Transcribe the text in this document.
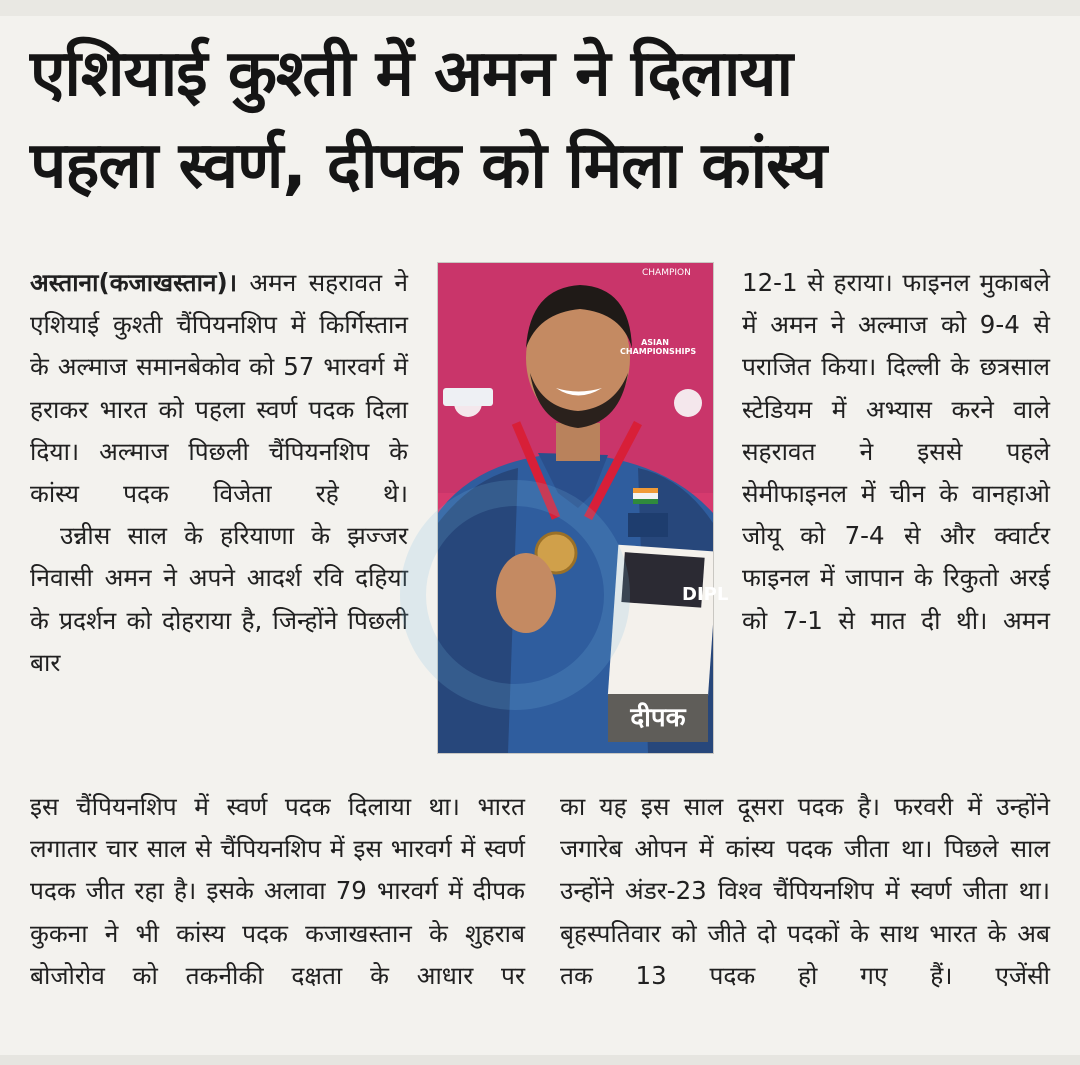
एशियाई कुश्ती में अमन ने दिलाया
पहला स्वर्ण, दीपक को मिला कांस्य

अस्ताना(कजाखस्तान)। अमन सहरावत ने एशियाई कुश्ती चैंपियनशिप में किर्गिस्तान के अल्माज समानबेकोव को 57 भारवर्ग में हराकर भारत को पहला स्वर्ण पदक दिला दिया। अल्माज पिछली चैंपियनशिप के कांस्य पदक विजेता रहे थे।

उन्नीस साल के हरियाणा के झज्जर निवासी अमन ने अपने आदर्श रवि दहिया के प्रदर्शन को दोहराया है, जिन्होंने पिछली बार

CHAMPION
ASIAN CHAMPIONSHIPS
DIPL
दीपक
12-1 से हराया। फाइनल मुकाबले में अमन ने अल्माज को 9-4 से पराजित किया। दिल्ली के छत्रसाल स्टेडियम में अभ्यास करने वाले सहरावत ने इससे पहले सेमीफाइनल में चीन के वानहाओ जोयू को 7-4 से और क्वार्टर फाइनल में जापान के रिकुतो अरई को 7-1 से मात दी थी। अमन
इस चैंपियनशिप में स्वर्ण पदक दिलाया था। भारत लगातार चार साल से चैंपियनशिप में इस भारवर्ग में स्वर्ण पदक जीत रहा है। इसके अलावा 79 भारवर्ग में दीपक कुकना ने भी कांस्य पदक कजाखस्तान के शुहराब बोजोरोव को तकनीकी दक्षता के आधार पर
का यह इस साल दूसरा पदक है। फरवरी में उन्होंने जगारेब ओपन में कांस्य पदक जीता था। पिछले साल उन्होंने अंडर-23 विश्व चैंपियनशिप में स्वर्ण जीता था। बृहस्पतिवार को जीते दो पदकों के साथ भारत के अब तक 13 पदक हो गए हैं। एजेंसी
